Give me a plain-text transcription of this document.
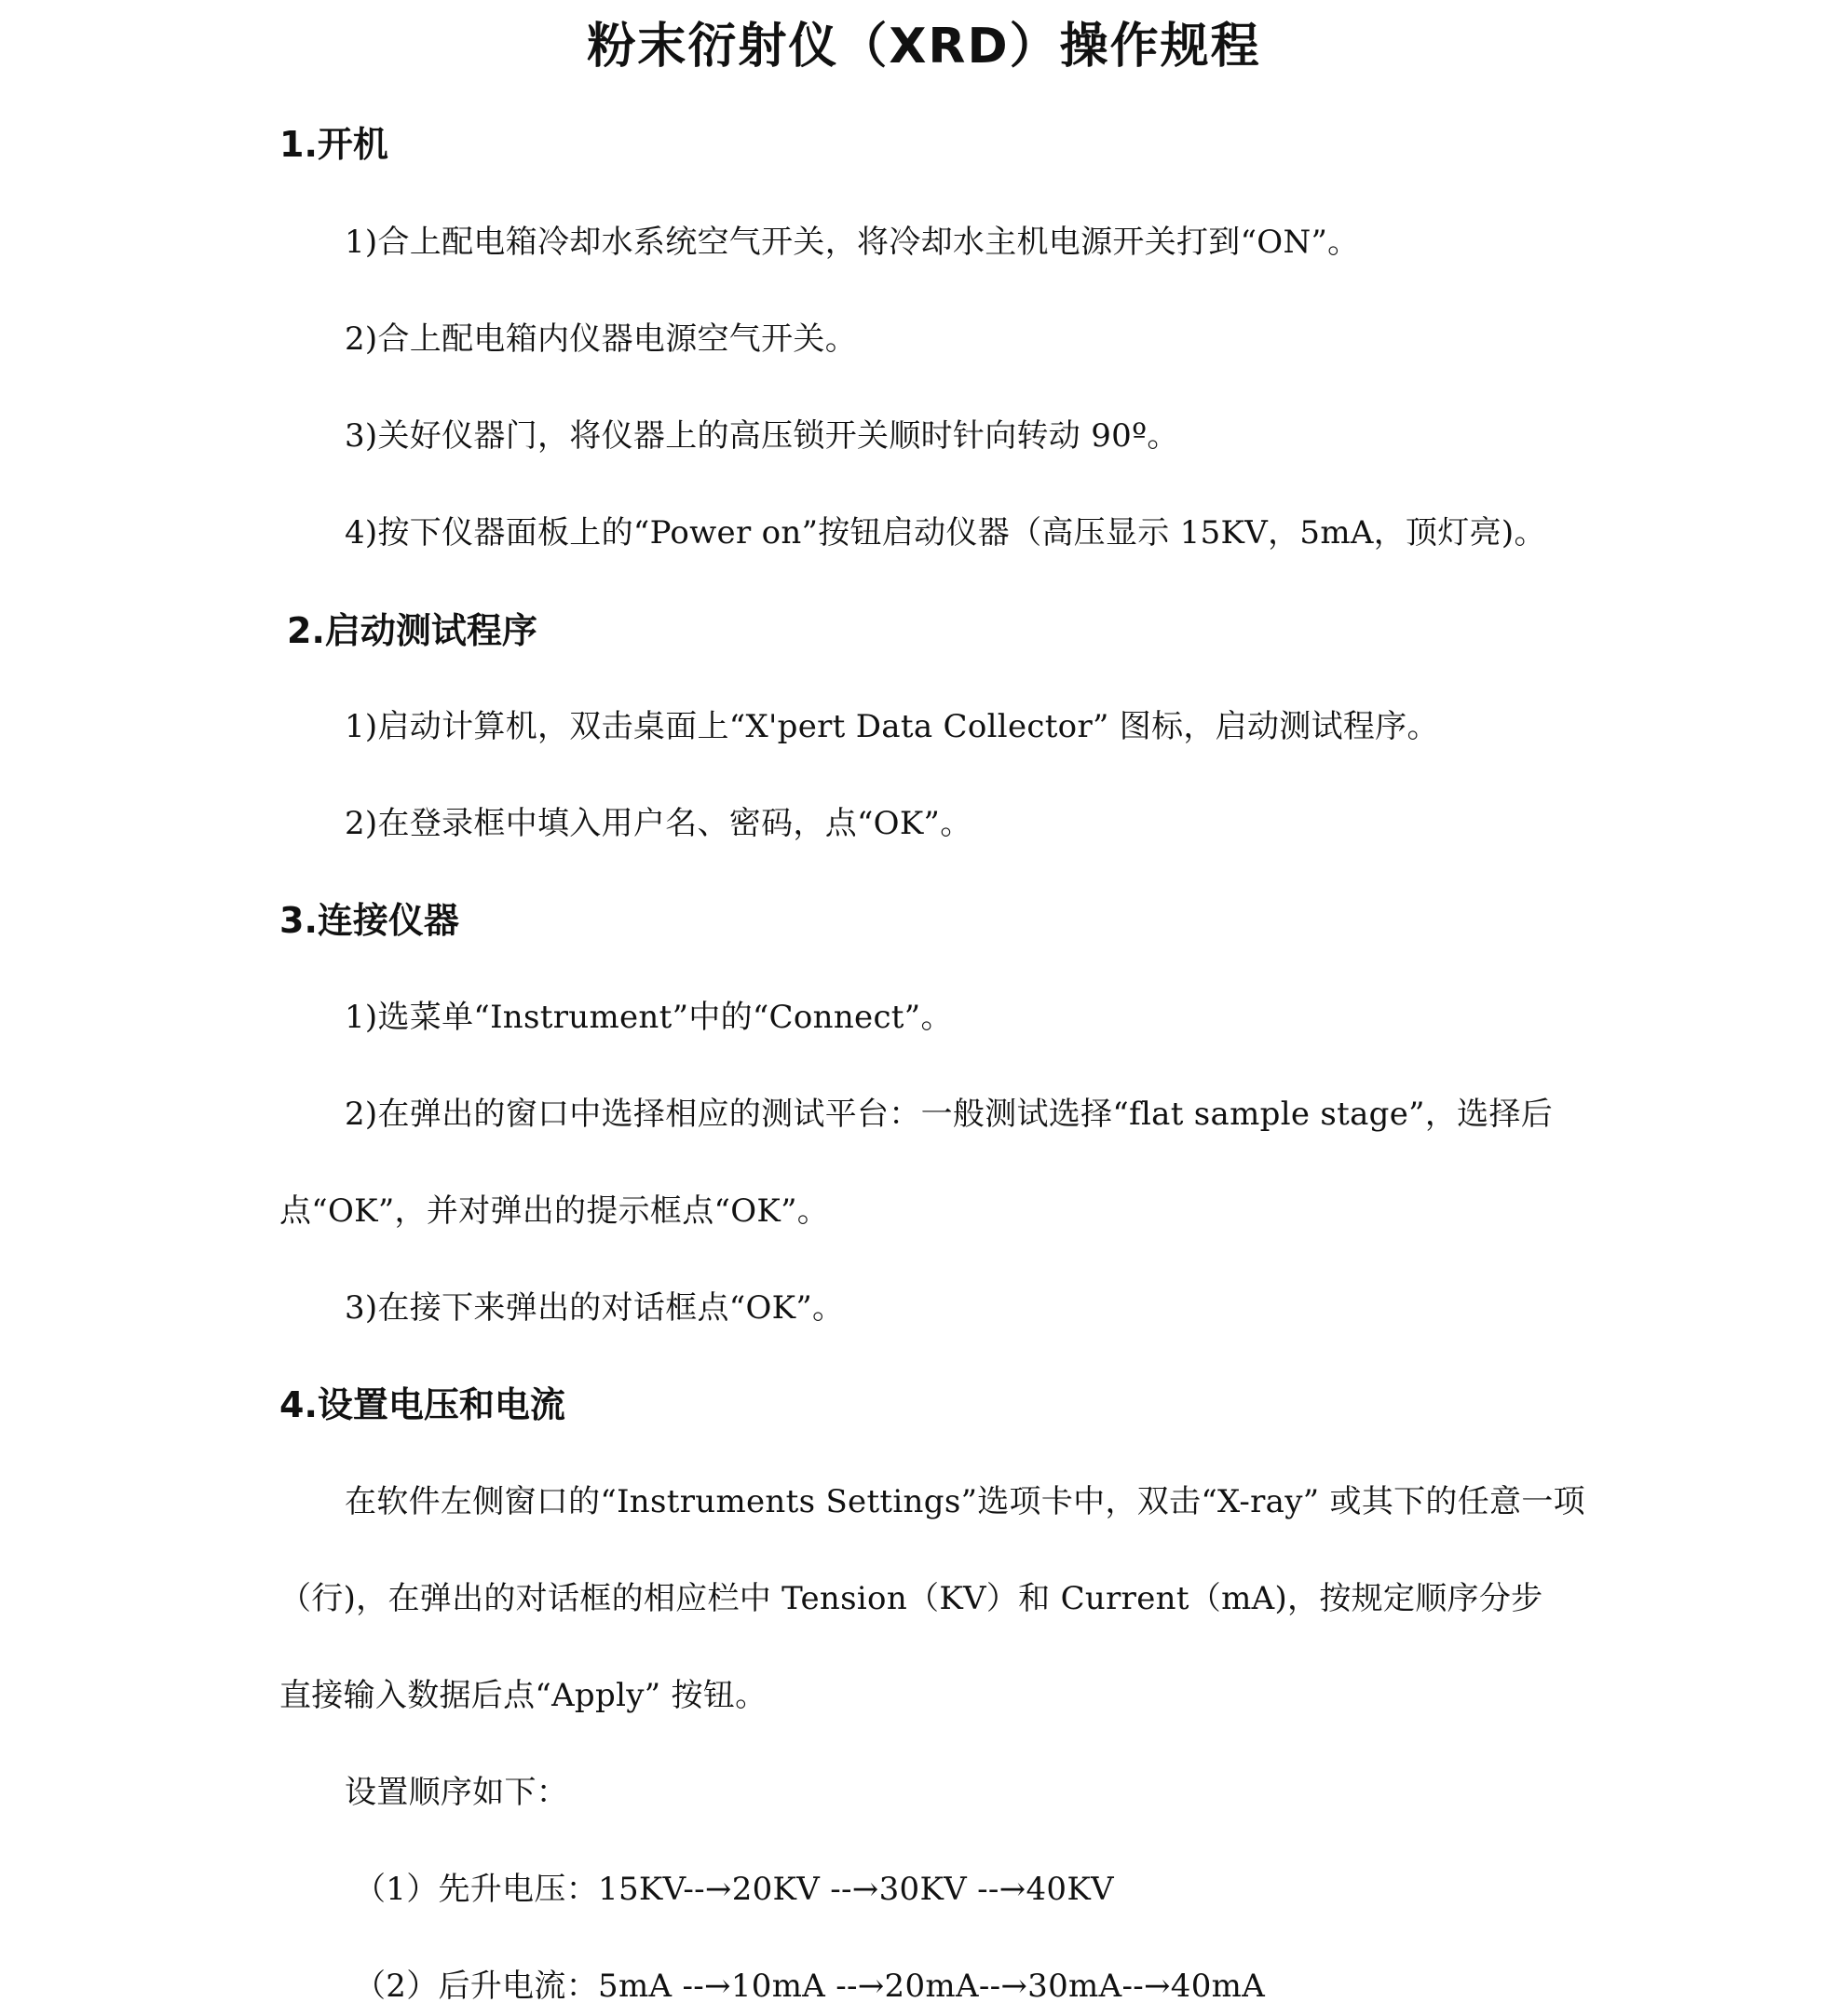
粉末衍射仪（XRD）操作规程
1.开机
1)合上配电箱冷却水系统空气开关，将冷却水主机电源开关打到“ON”。
2)合上配电箱内仪器电源空气开关。
3)关好仪器门，将仪器上的高压锁开关顺时针向转动 90º。
4)按下仪器面板上的“Power on”按钮启动仪器（高压显示 15KV，5mA，顶灯亮)。
2.启动测试程序
1)启动计算机，双击桌面上“X'pert Data Collector” 图标，启动测试程序。
2)在登录框中填入用户名、密码，点“OK”。
3.连接仪器
1)选菜单“Instrument”中的“Connect”。
2)在弹出的窗口中选择相应的测试平台：一般测试选择“flat sample stage”，选择后
点“OK”，并对弹出的提示框点“OK”。
3)在接下来弹出的对话框点“OK”。
4.设置电压和电流
在软件左侧窗口的“Instruments Settings”选项卡中，双击“X-ray” 或其下的任意一项
（行)，在弹出的对话框的相应栏中 Tension（KV）和 Current（mA)，按规定顺序分步
直接输入数据后点“Apply” 按钮。
设置顺序如下：
（1）先升电压：15KV--→20KV --→30KV --→40KV
（2）后升电流：5mA --→10mA --→20mA--→30mA--→40mA
